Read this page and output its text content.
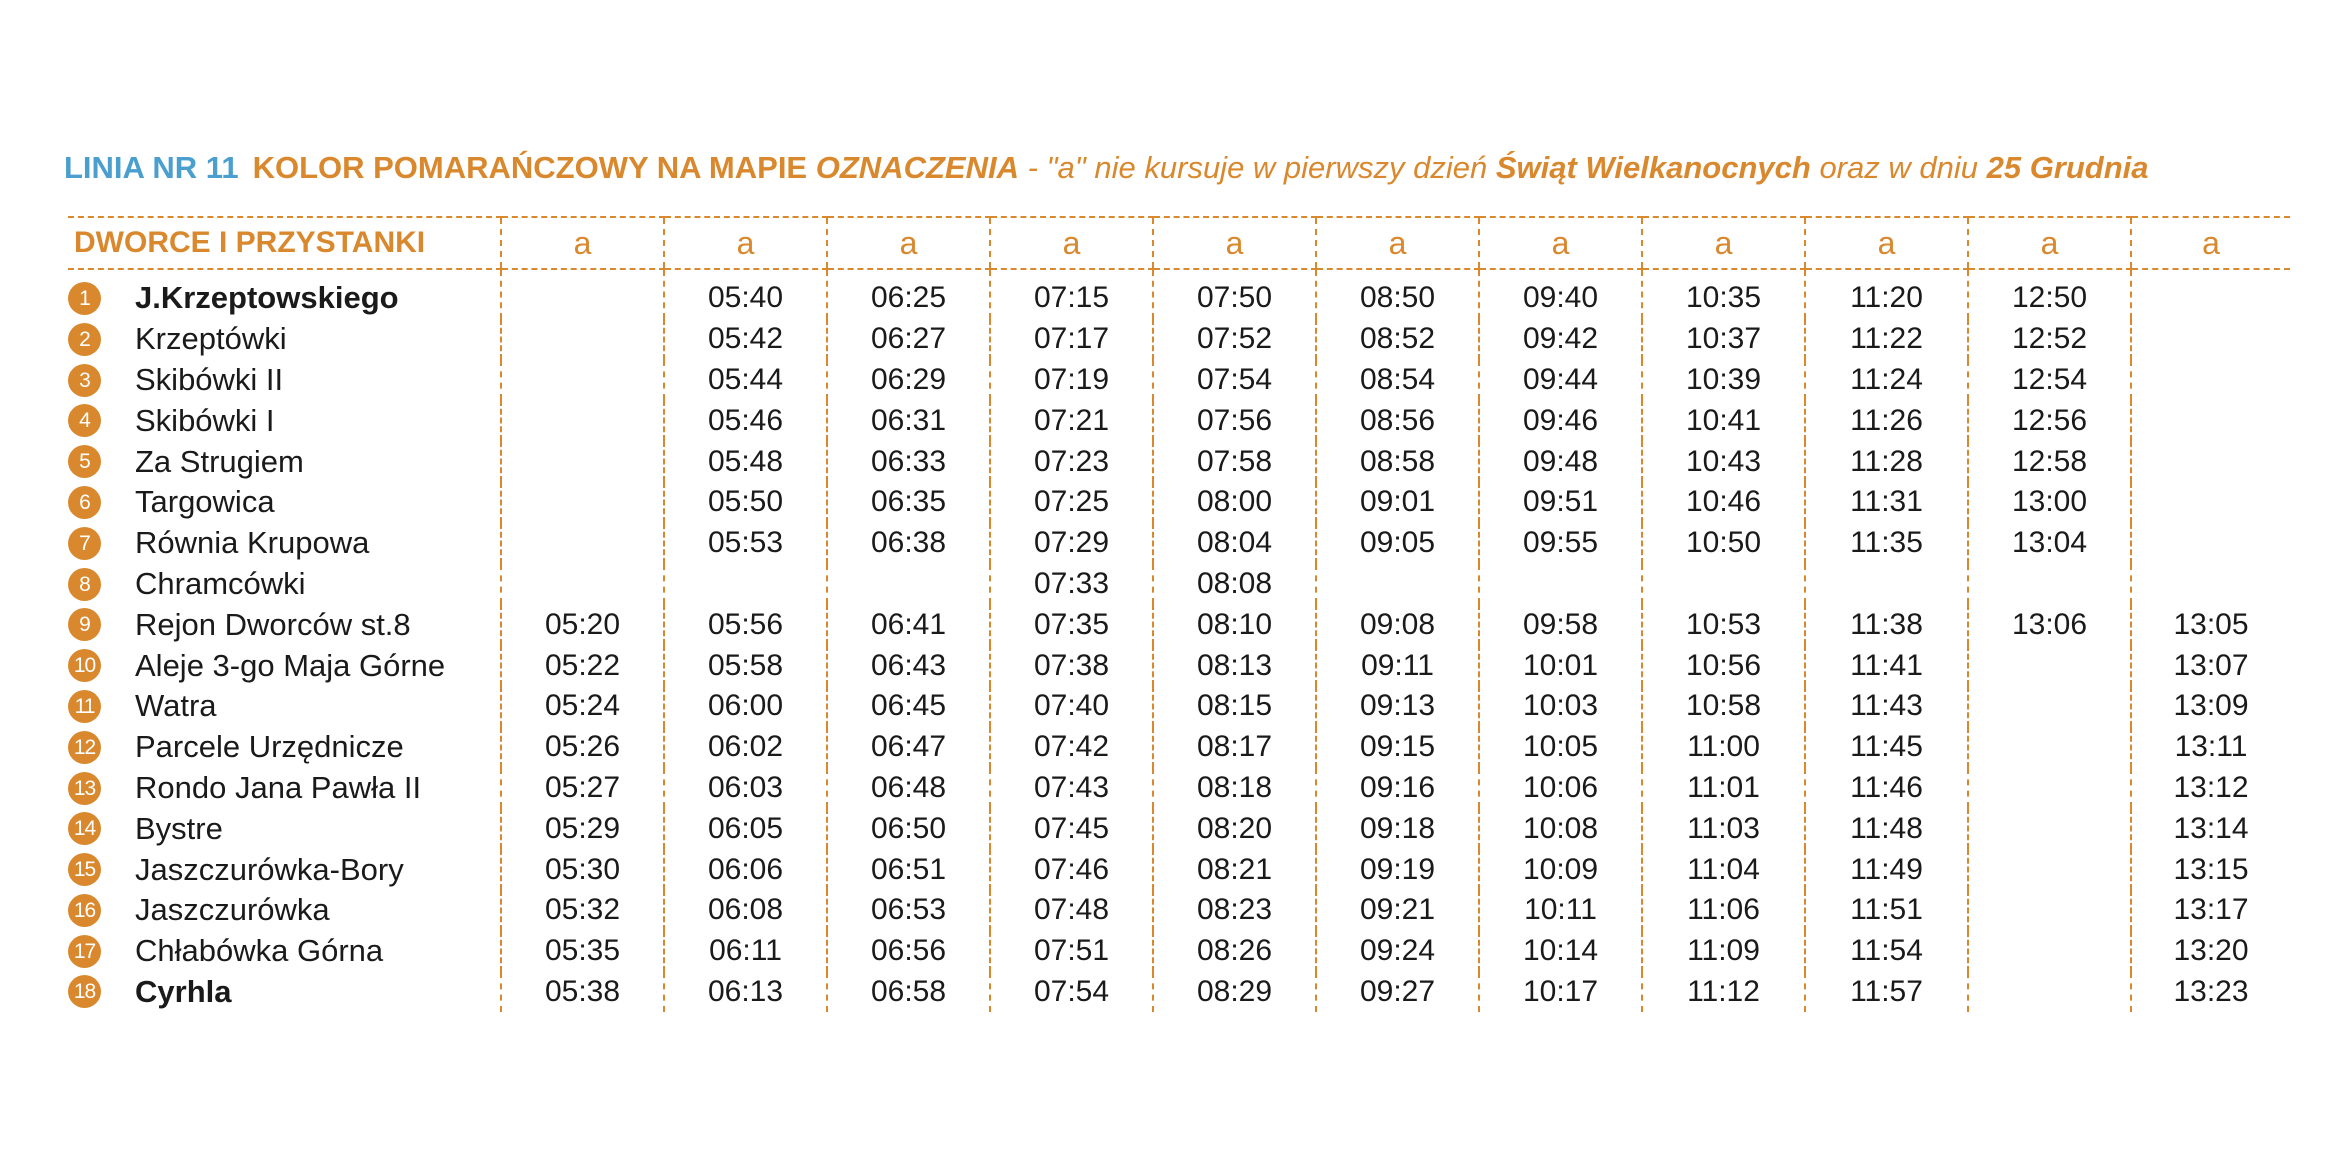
LINIA NR 11 KOLOR POMARAŃCZOWY NA MAPIE OZNACZENIA - "a" nie kursuje w pierwszy dzień Świąt Wielkanocnych oraz w dniu 25 Grudnia
DWORCE I PRZYSTANKI	a	a	a	a	a	a	a	a	a	a	a
1 J.Krzeptowskiego		05:40	06:25	07:15	07:50	08:50	09:40	10:35	11:20	12:50	
2 Krzeptówki		05:42	06:27	07:17	07:52	08:52	09:42	10:37	11:22	12:52	
3 Skibówki II		05:44	06:29	07:19	07:54	08:54	09:44	10:39	11:24	12:54	
4 Skibówki I		05:46	06:31	07:21	07:56	08:56	09:46	10:41	11:26	12:56	
5 Za Strugiem		05:48	06:33	07:23	07:58	08:58	09:48	10:43	11:28	12:58	
6 Targowica		05:50	06:35	07:25	08:00	09:01	09:51	10:46	11:31	13:00	
7 Równia Krupowa		05:53	06:38	07:29	08:04	09:05	09:55	10:50	11:35	13:04	
8 Chramcówki				07:33	08:08						
9 Rejon Dworców st.8	05:20	05:56	06:41	07:35	08:10	09:08	09:58	10:53	11:38	13:06	13:05
10 Aleje 3-go Maja Górne	05:22	05:58	06:43	07:38	08:13	09:11	10:01	10:56	11:41		13:07
11 Watra	05:24	06:00	06:45	07:40	08:15	09:13	10:03	10:58	11:43		13:09
12 Parcele Urzędnicze	05:26	06:02	06:47	07:42	08:17	09:15	10:05	11:00	11:45		13:11
13 Rondo Jana Pawła II	05:27	06:03	06:48	07:43	08:18	09:16	10:06	11:01	11:46		13:12
14 Bystre	05:29	06:05	06:50	07:45	08:20	09:18	10:08	11:03	11:48		13:14
15 Jaszczurówka-Bory	05:30	06:06	06:51	07:46	08:21	09:19	10:09	11:04	11:49		13:15
16 Jaszczurówka	05:32	06:08	06:53	07:48	08:23	09:21	10:11	11:06	11:51		13:17
17 Chłabówka Górna	05:35	06:11	06:56	07:51	08:26	09:24	10:14	11:09	11:54		13:20
18 Cyrhla	05:38	06:13	06:58	07:54	08:29	09:27	10:17	11:12	11:57		13:23
